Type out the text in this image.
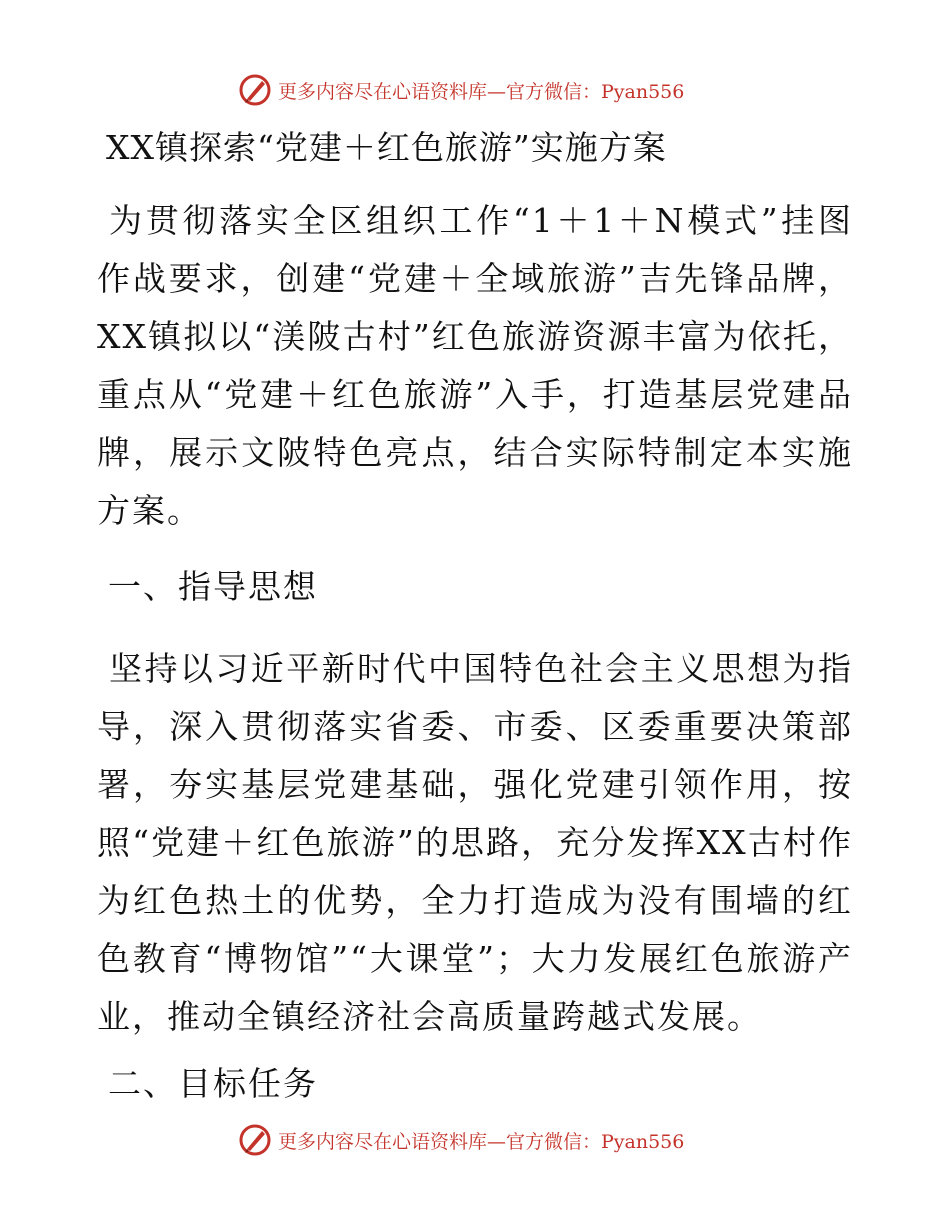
更多内容尽在心语资料库—官方微信：Pyan556
XX镇探索“党建＋红色旅游”实施方案

为贯彻落实全区组织工作“1＋1＋N模式”挂图作战要求，创建“党建＋全域旅游”吉先锋品牌，XX镇拟以“渼陂古村”红色旅游资源丰富为依托，重点从“党建＋红色旅游”入手，打造基层党建品牌，展示文陂特色亮点，结合实际特制定本实施方案。

一、指导思想

坚持以习近平新时代中国特色社会主义思想为指导，深入贯彻落实省委、市委、区委重要决策部署，夯实基层党建基础，强化党建引领作用，按照“党建＋红色旅游”的思路，充分发挥XX古村作为红色热土的优势，全力打造成为没有围墙的红色教育“博物馆”“大课堂”；大力发展红色旅游产业，推动全镇经济社会高质量跨越式发展。

二、目标任务
更多内容尽在心语资料库—官方微信：Pyan556
